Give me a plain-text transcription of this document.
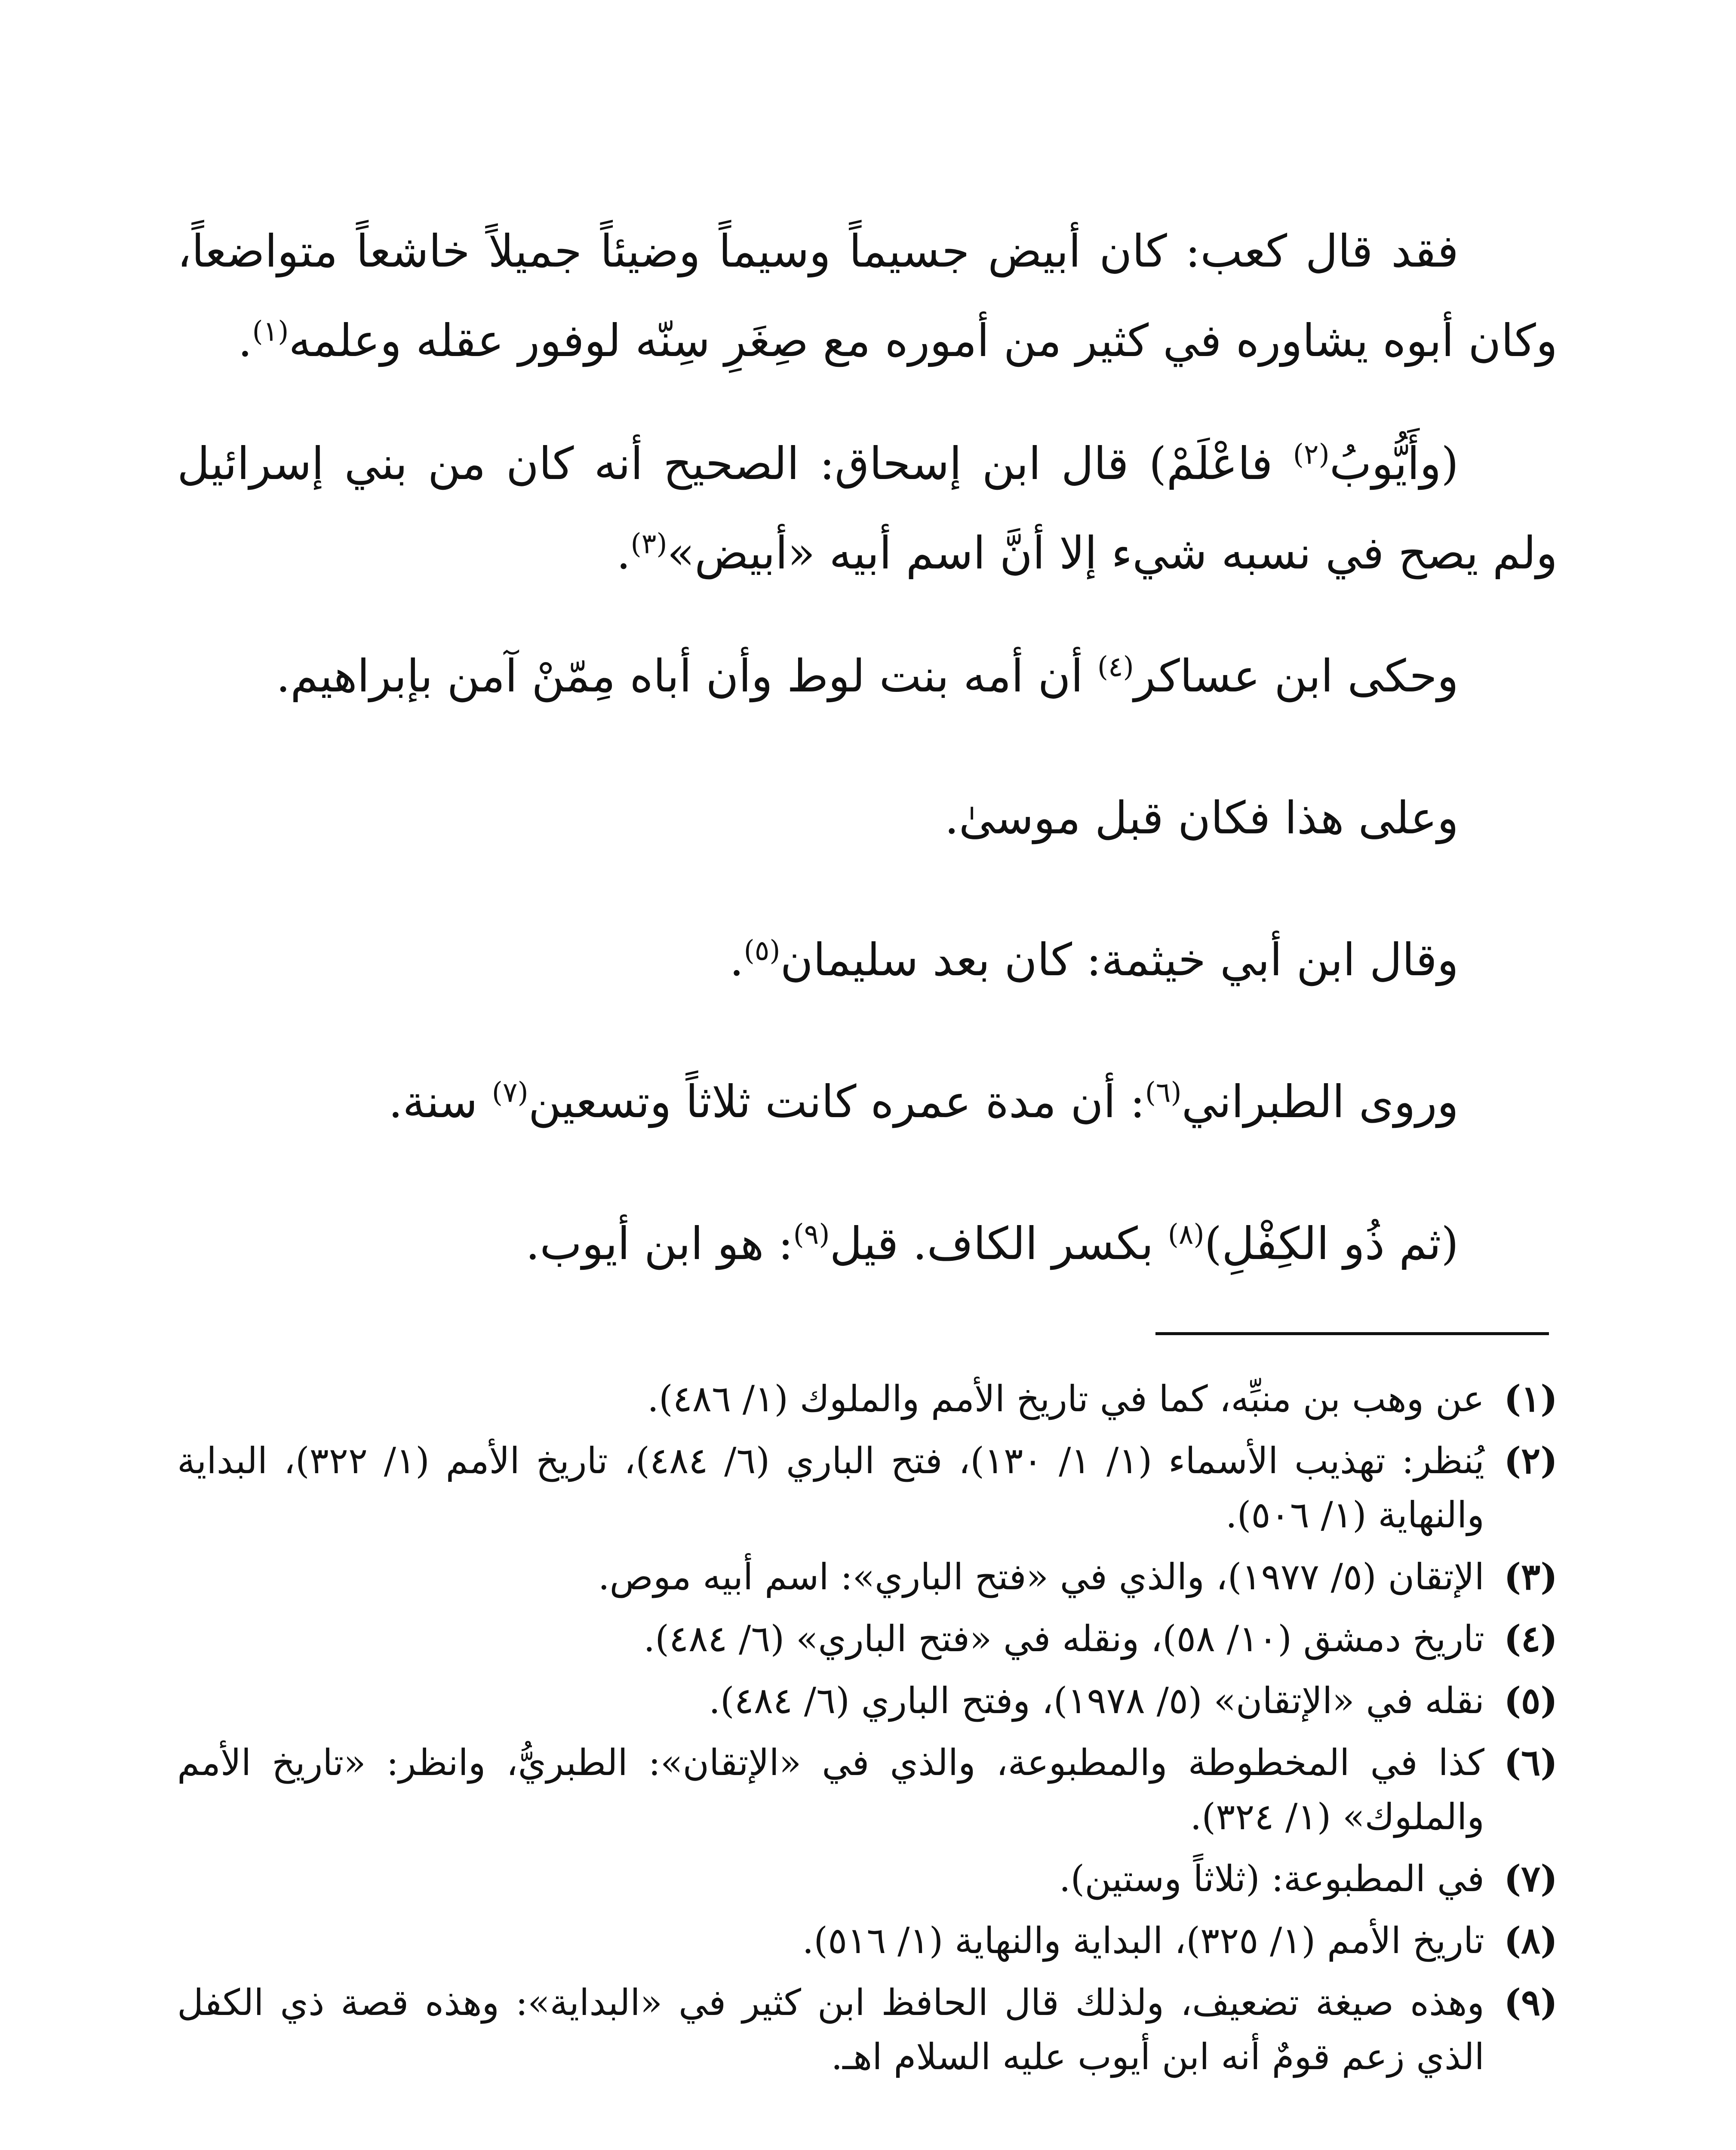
فقد قال كعب: كان أبيض جسيماً وسيماً وضيئاً جميلاً خاشعاً متواضعاً، وكان أبوه يشاوره في كثير من أموره مع صِغَرِ سِنّه لوفور عقله وعلمه$^{(١)}$.

(وأَيُّوبُ$^{(٢)}$ فاعْلَمْ) قال ابن إسحاق: الصحيح أنه كان من بني إسرائيل ولم يصح في نسبه شيء إلا أنَّ اسم أبيه «أبيض»$^{(٣)}$.

وحكى ابن عساكر$^{(٤)}$ أن أمه بنت لوط وأن أباه مِمّنْ آمن بإبراهيم.

وعلى هذا فكان قبل موسىٰ.

وقال ابن أبي خيثمة: كان بعد سليمان$^{(٥)}$.

وروى الطبراني$^{(٦)}$: أن مدة عمره كانت ثلاثاً وتسعين$^{(٧)}$ سنة.

(ثم ذُو الكِفْلِ)$^{(٨)}$ بكسر الكاف. قيل$^{(٩)}$: هو ابن أيوب.

(١)
عن وهب بن منبِّه، كما في تاريخ الأمم والملوك (١/ ٤٨٦).
(٢)
يُنظر: تهذيب الأسماء (١/ ١/ ١٣٠)، فتح الباري (٦/ ٤٨٤)، تاريخ الأمم (١/ ٣٢٢)، البداية والنهاية (١/ ٥٠٦).
(٣)
الإتقان (٥/ ١٩٧٧)، والذي في «فتح الباري»: اسم أبيه موص.
(٤)
تاريخ دمشق (١٠/ ٥٨)، ونقله في «فتح الباري» (٦/ ٤٨٤).
(٥)
نقله في «الإتقان» (٥/ ١٩٧٨)، وفتح الباري (٦/ ٤٨٤).
(٦)
كذا في المخطوطة والمطبوعة، والذي في «الإتقان»: الطبريُّ، وانظر: «تاريخ الأمم والملوك» (١/ ٣٢٤).
(٧)
في المطبوعة: (ثلاثاً وستين).
(٨)
تاريخ الأمم (١/ ٣٢٥)، البداية والنهاية (١/ ٥١٦).
(٩)
وهذه صيغة تضعيف، ولذلك قال الحافظ ابن كثير في «البداية»: وهذه قصة ذي الكفل الذي زعم قومٌ أنه ابن أيوب عليه السلام اهـ.
